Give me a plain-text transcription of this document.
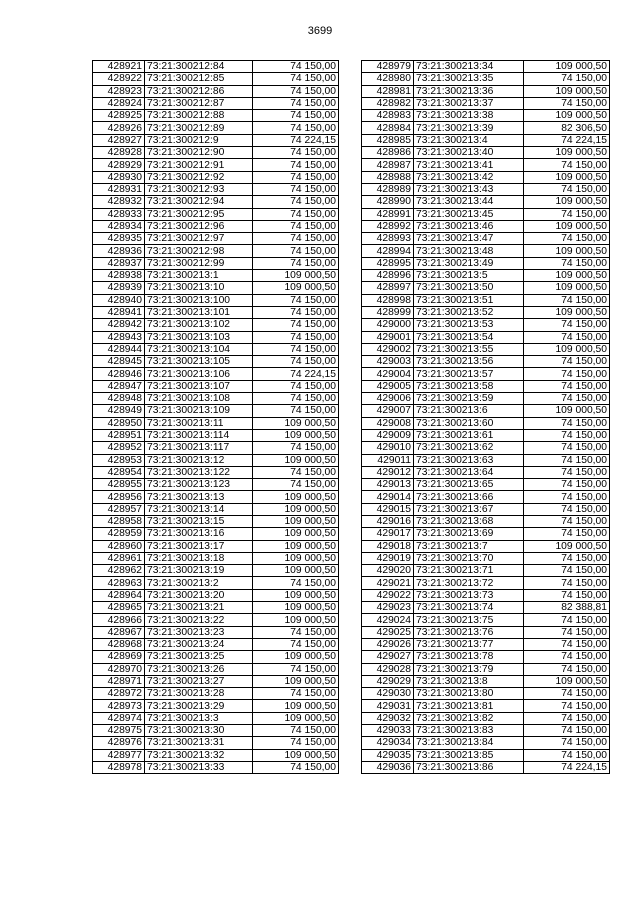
3699
428921	73:21:300212:84	74 150,00
428922	73:21:300212:85	74 150,00
428923	73:21:300212:86	74 150,00
428924	73:21:300212:87	74 150,00
428925	73:21:300212:88	74 150,00
428926	73:21:300212:89	74 150,00
428927	73:21:300212:9	74 224,15
428928	73:21:300212:90	74 150,00
428929	73:21:300212:91	74 150,00
428930	73:21:300212:92	74 150,00
428931	73:21:300212:93	74 150,00
428932	73:21:300212:94	74 150,00
428933	73:21:300212:95	74 150,00
428934	73:21:300212:96	74 150,00
428935	73:21:300212:97	74 150,00
428936	73:21:300212:98	74 150,00
428937	73:21:300212:99	74 150,00
428938	73:21:300213:1	109 000,50
428939	73:21:300213:10	109 000,50
428940	73:21:300213:100	74 150,00
428941	73:21:300213:101	74 150,00
428942	73:21:300213:102	74 150,00
428943	73:21:300213:103	74 150,00
428944	73:21:300213:104	74 150,00
428945	73:21:300213:105	74 150,00
428946	73:21:300213:106	74 224,15
428947	73:21:300213:107	74 150,00
428948	73:21:300213:108	74 150,00
428949	73:21:300213:109	74 150,00
428950	73:21:300213:11	109 000,50
428951	73:21:300213:114	109 000,50
428952	73:21:300213:117	74 150,00
428953	73:21:300213:12	109 000,50
428954	73:21:300213:122	74 150,00
428955	73:21:300213:123	74 150,00
428956	73:21:300213:13	109 000,50
428957	73:21:300213:14	109 000,50
428958	73:21:300213:15	109 000,50
428959	73:21:300213:16	109 000,50
428960	73:21:300213:17	109 000,50
428961	73:21:300213:18	109 000,50
428962	73:21:300213:19	109 000,50
428963	73:21:300213:2	74 150,00
428964	73:21:300213:20	109 000,50
428965	73:21:300213:21	109 000,50
428966	73:21:300213:22	109 000,50
428967	73:21:300213:23	74 150,00
428968	73:21:300213:24	74 150,00
428969	73:21:300213:25	109 000,50
428970	73:21:300213:26	74 150,00
428971	73:21:300213:27	109 000,50
428972	73:21:300213:28	74 150,00
428973	73:21:300213:29	109 000,50
428974	73:21:300213:3	109 000,50
428975	73:21:300213:30	74 150,00
428976	73:21:300213:31	74 150,00
428977	73:21:300213:32	109 000,50
428978	73:21:300213:33	74 150,00
428979	73:21:300213:34	109 000,50
428980	73:21:300213:35	74 150,00
428981	73:21:300213:36	109 000,50
428982	73:21:300213:37	74 150,00
428983	73:21:300213:38	109 000,50
428984	73:21:300213:39	82 306,50
428985	73:21:300213:4	74 224,15
428986	73:21:300213:40	109 000,50
428987	73:21:300213:41	74 150,00
428988	73:21:300213:42	109 000,50
428989	73:21:300213:43	74 150,00
428990	73:21:300213:44	109 000,50
428991	73:21:300213:45	74 150,00
428992	73:21:300213:46	109 000,50
428993	73:21:300213:47	74 150,00
428994	73:21:300213:48	109 000,50
428995	73:21:300213:49	74 150,00
428996	73:21:300213:5	109 000,50
428997	73:21:300213:50	109 000,50
428998	73:21:300213:51	74 150,00
428999	73:21:300213:52	109 000,50
429000	73:21:300213:53	74 150,00
429001	73:21:300213:54	74 150,00
429002	73:21:300213:55	109 000,50
429003	73:21:300213:56	74 150,00
429004	73:21:300213:57	74 150,00
429005	73:21:300213:58	74 150,00
429006	73:21:300213:59	74 150,00
429007	73:21:300213:6	109 000,50
429008	73:21:300213:60	74 150,00
429009	73:21:300213:61	74 150,00
429010	73:21:300213:62	74 150,00
429011	73:21:300213:63	74 150,00
429012	73:21:300213:64	74 150,00
429013	73:21:300213:65	74 150,00
429014	73:21:300213:66	74 150,00
429015	73:21:300213:67	74 150,00
429016	73:21:300213:68	74 150,00
429017	73:21:300213:69	74 150,00
429018	73:21:300213:7	109 000,50
429019	73:21:300213:70	74 150,00
429020	73:21:300213:71	74 150,00
429021	73:21:300213:72	74 150,00
429022	73:21:300213:73	74 150,00
429023	73:21:300213:74	82 388,81
429024	73:21:300213:75	74 150,00
429025	73:21:300213:76	74 150,00
429026	73:21:300213:77	74 150,00
429027	73:21:300213:78	74 150,00
429028	73:21:300213:79	74 150,00
429029	73:21:300213:8	109 000,50
429030	73:21:300213:80	74 150,00
429031	73:21:300213:81	74 150,00
429032	73:21:300213:82	74 150,00
429033	73:21:300213:83	74 150,00
429034	73:21:300213:84	74 150,00
429035	73:21:300213:85	74 150,00
429036	73:21:300213:86	74 224,15
